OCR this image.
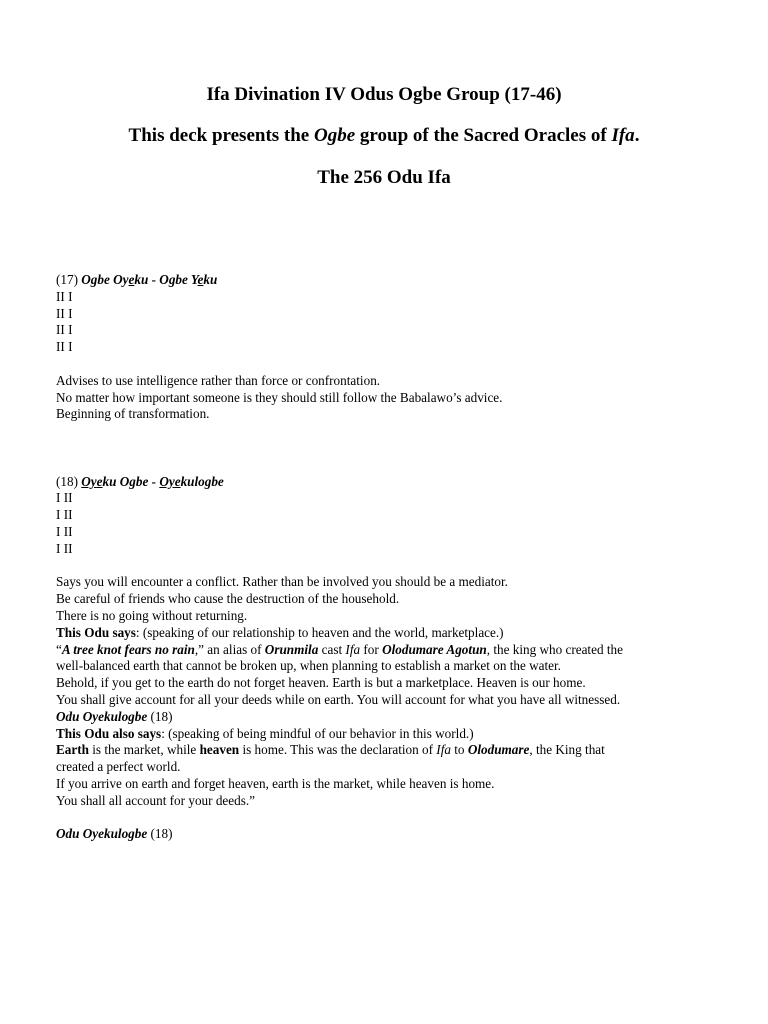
Ifa Divination IV Odus Ogbe Group (17-46)

This deck presents the Ogbe group of the Sacred Oracles of Ifa.

The 256 Odu Ifa

(17) Ogbe Oyeku - Ogbe Yeku
II I
II I
II I
II I
Advises to use intelligence rather than force or confrontation.
No matter how important someone is they should still follow the Babalawo’s advice.
Beginning of transformation.
(18) Oyeku Ogbe - Oyekulogbe
I II
I II
I II
I II
Says you will encounter a conflict. Rather than be involved you should be a mediator.
Be careful of friends who cause the destruction of the household.
There is no going without returning.
This Odu says: (speaking of our relationship to heaven and the world, marketplace.)
“A tree knot fears no rain,” an alias of Orunmila cast Ifa for Olodumare Agotun, the king who created the
well-balanced earth that cannot be broken up, when planning to establish a market on the water.
Behold, if you get to the earth do not forget heaven. Earth is but a marketplace. Heaven is our home.
You shall give account for all your deeds while on earth. You will account for what you have all witnessed.
Odu Oyekulogbe (18)
This Odu also says: (speaking of being mindful of our behavior in this world.)
Earth is the market, while heaven is home. This was the declaration of Ifa to Olodumare, the King that
created a perfect world.
If you arrive on earth and forget heaven, earth is the market, while heaven is home.
You shall all account for your deeds.”
Odu Oyekulogbe (18)
